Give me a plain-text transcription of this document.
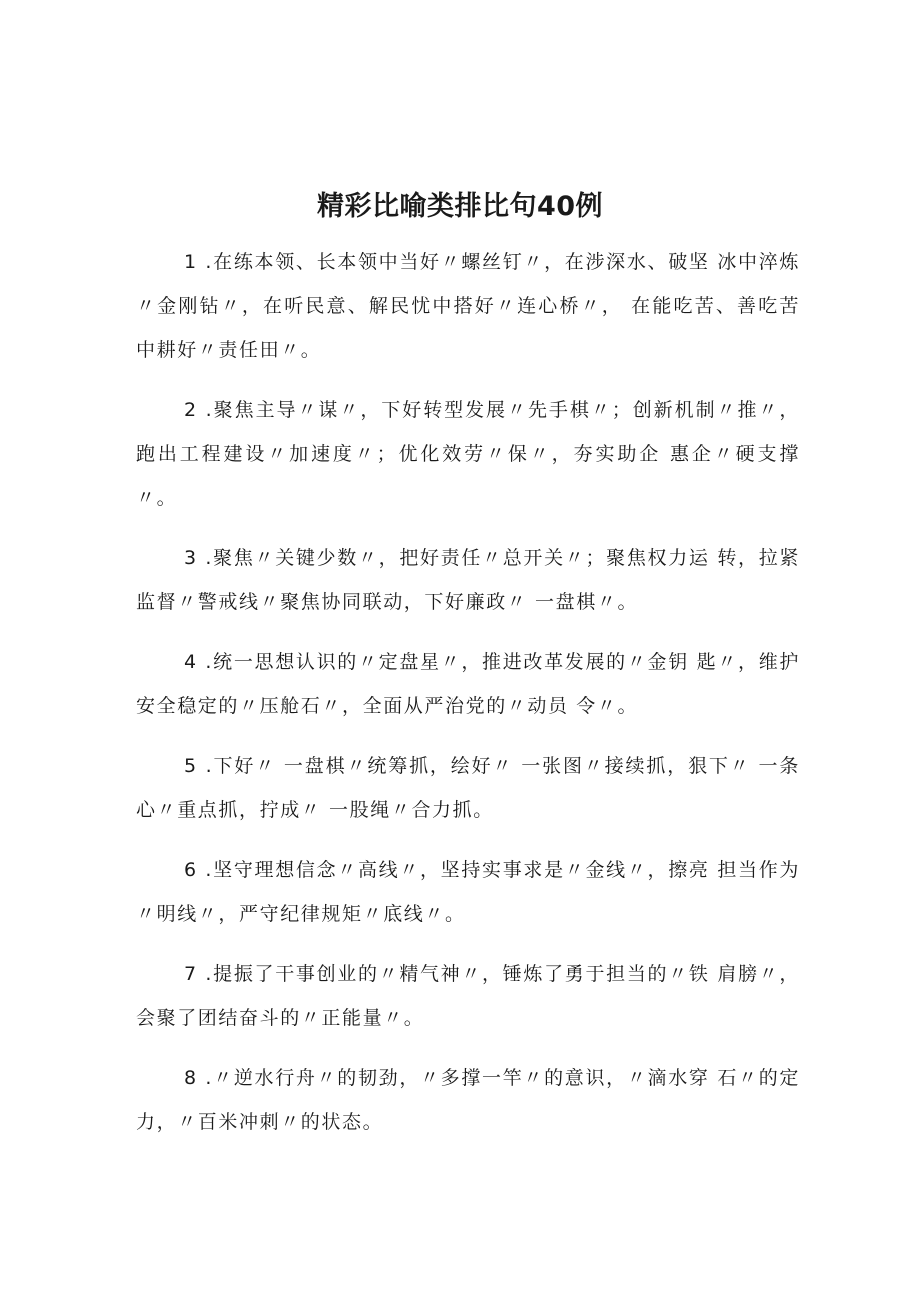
精彩比喻类排比句40例

1 .在练本领、长本领中当好〃螺丝钉〃，在涉深水、破坚 冰中淬炼〃金刚钻〃，在听民意、解民忧中搭好〃连心桥〃， 在能吃苦、善吃苦中耕好〃责任田〃。

2 .聚焦主导〃谋〃，下好转型发展〃先手棋〃；创新机制〃推〃，跑出工程建设〃加速度〃；优化效劳〃保〃，夯实助企 惠企〃硬支撑〃。

3 .聚焦〃关键少数〃，把好责任〃总开关〃；聚焦权力运 转，拉紧监督〃警戒线〃聚焦协同联动，下好廉政〃 一盘棋〃。

4 .统一思想认识的〃定盘星〃，推进改革发展的〃金钥 匙〃，维护安全稳定的〃压舱石〃，全面从严治党的〃动员 令〃。

5 .下好〃 一盘棋〃统筹抓，绘好〃 一张图〃接续抓，狠下〃 一条心〃重点抓，拧成〃 一股绳〃合力抓。

6 .坚守理想信念〃高线〃，坚持实事求是〃金线〃，擦亮 担当作为〃明线〃，严守纪律规矩〃底线〃。

7 .提振了干事创业的〃精气神〃，锤炼了勇于担当的〃铁 肩膀〃，会聚了团结奋斗的〃正能量〃。

8 .〃逆水行舟〃的韧劲，〃多撑一竿〃的意识，〃滴水穿 石〃的定力，〃百米冲刺〃的状态。
